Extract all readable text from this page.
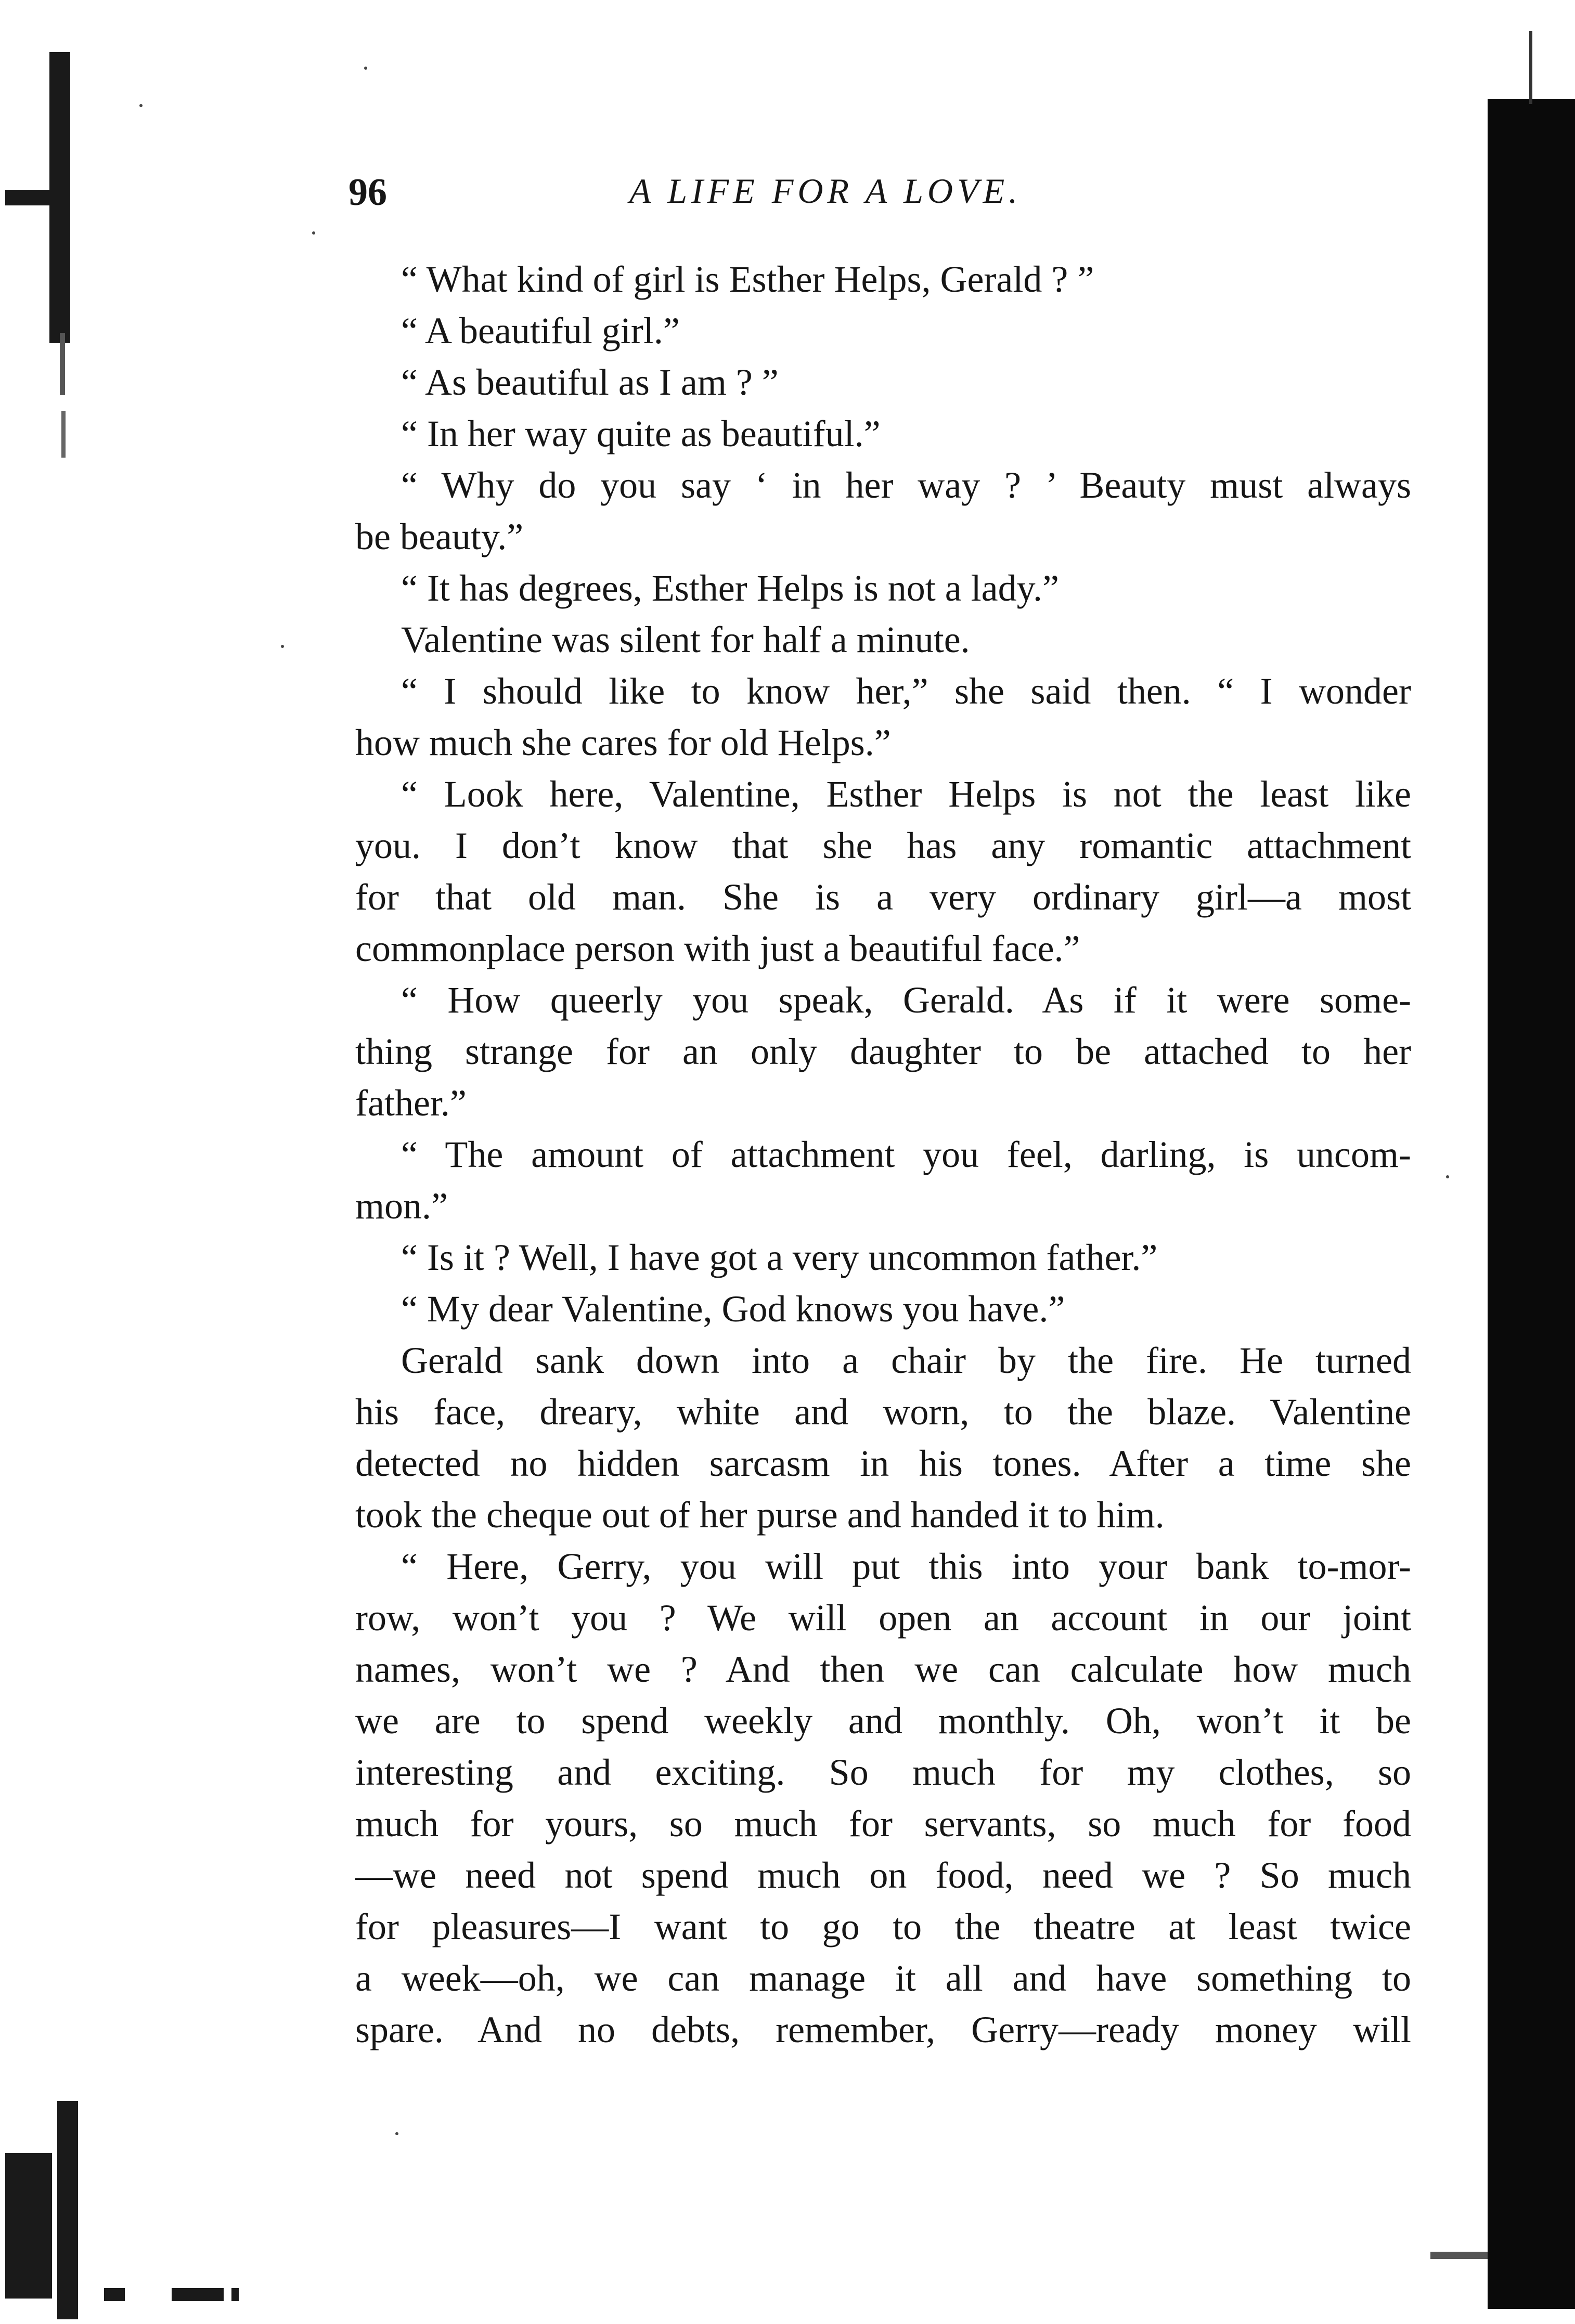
96	A LIFE FOR A LOVE.
“ What kind of girl is Esther Helps, Gerald ? ”
“ A beautiful girl.”
“ As beautiful as I am ? ”
“ In her way quite as beautiful.”
“ Why do you say ‘ in her way ? ’ Beauty must always
be beauty.”
“ It has degrees, Esther Helps is not a lady.”
Valentine was silent for half a minute.
“ I should like to know her,” she said then. “ I wonder
how much she cares for old Helps.”
“ Look here, Valentine, Esther Helps is not the least like
you. I don’t know that she has any romantic attachment
for that old man. She is a very ordinary girl—a most
commonplace person with just a beautiful face.”
“ How queerly you speak, Gerald. As if it were some-
thing strange for an only daughter to be attached to her
father.”
“ The amount of attachment you feel, darling, is uncom-
mon.”
“ Is it ? Well, I have got a very uncommon father.”
“ My dear Valentine, God knows you have.”
Gerald sank down into a chair by the fire. He turned
his face, dreary, white and worn, to the blaze. Valentine
detected no hidden sarcasm in his tones. After a time she
took the cheque out of her purse and handed it to him.
“ Here, Gerry, you will put this into your bank to-mor-
row, won’t you ? We will open an account in our joint
names, won’t we ? And then we can calculate how much
we are to spend weekly and monthly. Oh, won’t it be
interesting and exciting. So much for my clothes, so
much for yours, so much for servants, so much for food
—we need not spend much on food, need we ? So much
for pleasures—I want to go to the theatre at least twice
a week—oh, we can manage it all and have something to
spare. And no debts, remember, Gerry—ready money will
